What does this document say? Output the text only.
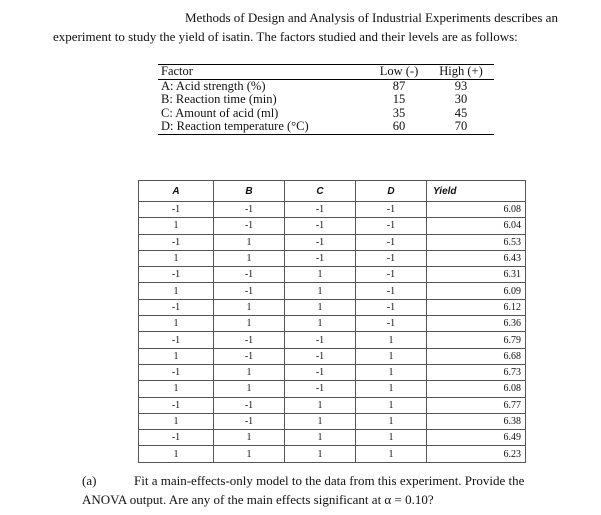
Methods of Design and Analysis of Industrial Experiments describes an
experiment to study the yield of isatin. The factors studied and their levels are as follows:
Factor	Low (-)	High (+)
A: Acid strength (%)	87	93
B: Reaction time (min)	15	30
C: Amount of acid (ml)	35	45
D: Reaction temperature (°C)	60	70
A	B	C	D	Yield
-1	-1	-1	-1	6.08
1	-1	-1	-1	6.04
-1	1	-1	-1	6.53
1	1	-1	-1	6.43
-1	-1	1	-1	6.31
1	-1	1	-1	6.09
-1	1	1	-1	6.12
1	1	1	-1	6.36
-1	-1	-1	1	6.79
1	-1	-1	1	6.68
-1	1	-1	1	6.73
1	1	-1	1	6.08
-1	-1	1	1	6.77
1	-1	1	1	6.38
-1	1	1	1	6.49
1	1	1	1	6.23
(a)	Fit a main-effects-only model to the data from this experiment. Provide the
ANOVA output. Are any of the main effects significant at α = 0.10?
